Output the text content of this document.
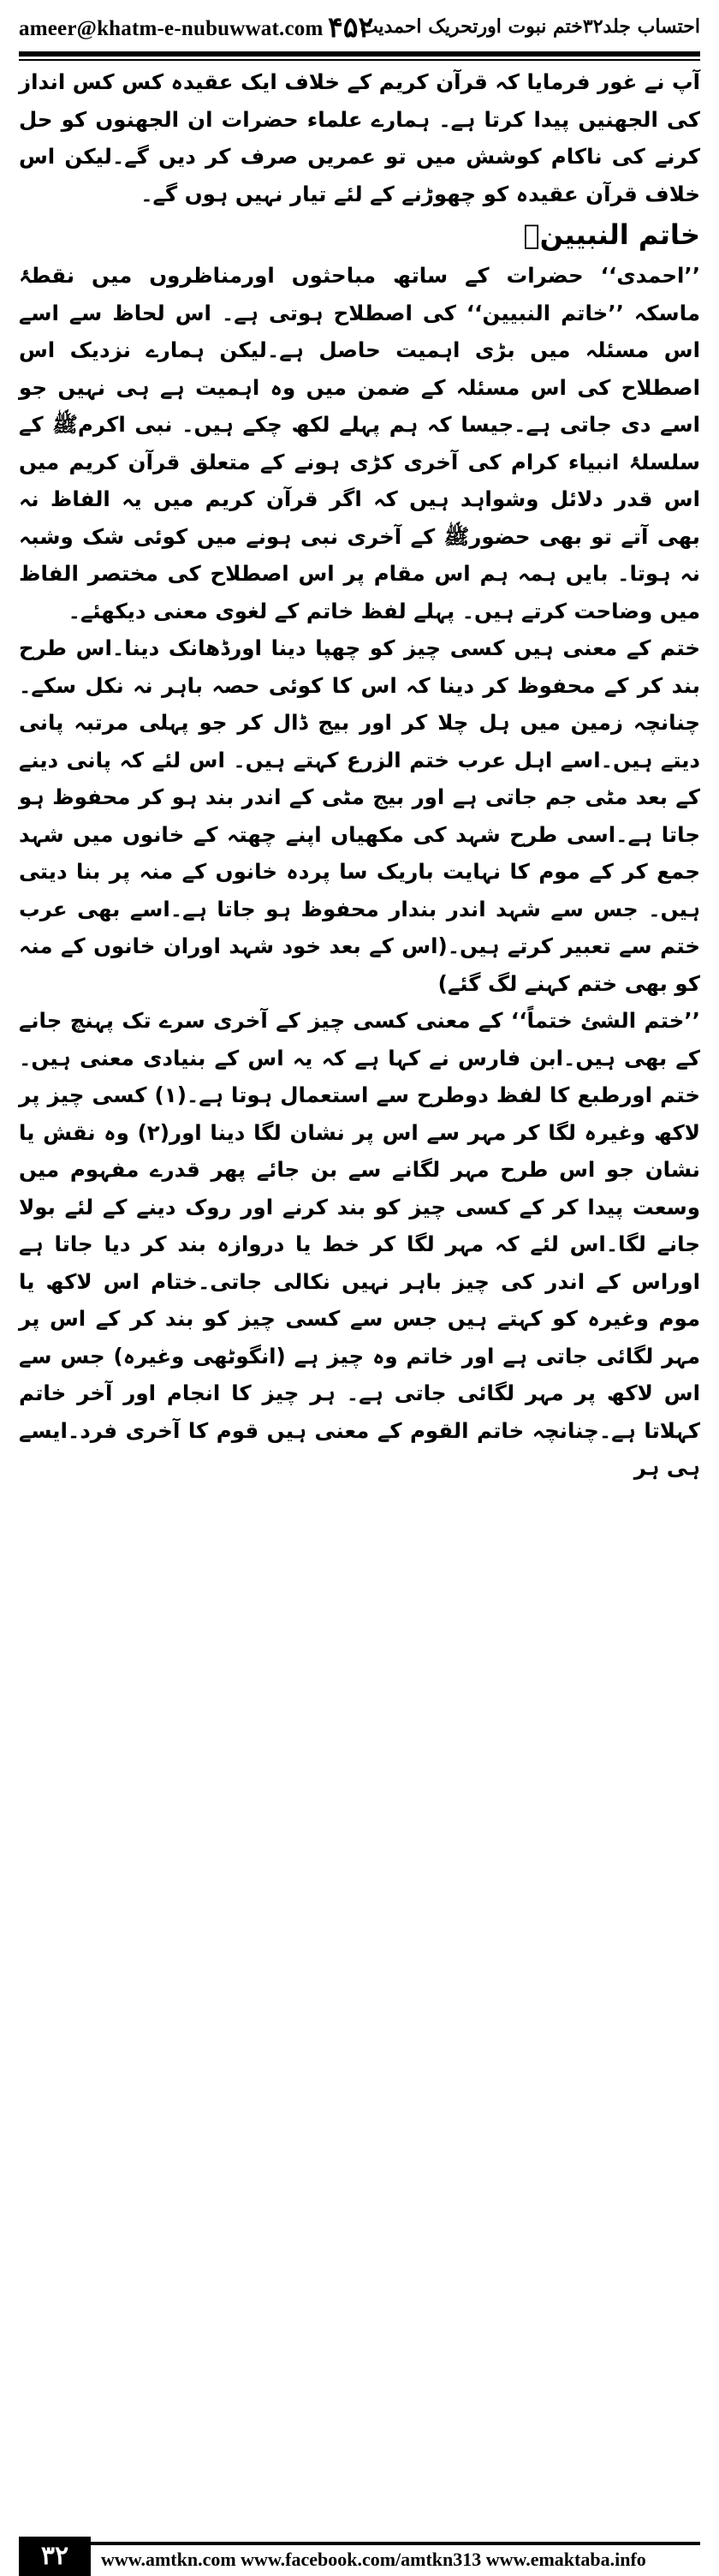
ameer@khatm-e-nubuwwat.com ۴۵۲
احتساب جلد۳۲ختم نبوت اورتحریک احمدیت

آپ نے غور فرمایا کہ قرآن کریم کے خلاف ایک عقیدہ کس کس انداز کی الجھنیں پیدا کرتا ہے۔ ہمارے علماء حضرات ان الجھنوں کو حل کرنے کی ناکام کوشش میں تو عمریں صرف کر دیں گے۔لیکن اس خلاف قرآن عقیدہ کو چھوڑنے کے لئے تیار نہیں ہوں گے۔

خاتم النبیینؐ

’’احمدی‘‘ حضرات کے ساتھ مباحثوں اورمناظروں میں نقطۂ ماسکہ ’’خاتم النبیین‘‘ کی اصطلاح ہوتی ہے۔ اس لحاظ سے اسے اس مسئلہ میں بڑی اہمیت حاصل ہے۔لیکن ہمارے نزدیک اس اصطلاح کی اس مسئلہ کے ضمن میں وہ اہمیت ہے ہی نہیں جو اسے دی جاتی ہے۔جیسا کہ ہم پہلے لکھ چکے ہیں۔ نبی اکرمﷺ کے سلسلۂ انبیاء کرام کی آخری کڑی ہونے کے متعلق قرآن کریم میں اس قدر دلائل وشواہد ہیں کہ اگر قرآن کریم میں یہ الفاظ نہ بھی آتے تو بھی حضورﷺ کے آخری نبی ہونے میں کوئی شک وشبہ نہ ہوتا۔ بایں ہمہ ہم اس مقام پر اس اصطلاح کی مختصر الفاظ میں وضاحت کرتے ہیں۔ پہلے لفظ خاتم کے لغوی معنی دیکھئے۔

ختم کے معنی ہیں کسی چیز کو چھپا دینا اورڈھانک دینا۔اس طرح بند کر کے محفوظ کر دینا کہ اس کا کوئی حصہ باہر نہ نکل سکے۔ چنانچہ زمین میں ہل چلا کر اور بیج ڈال کر جو پہلی مرتبہ پانی دیتے ہیں۔اسے اہل عرب ختم الزرع کہتے ہیں۔ اس لئے کہ پانی دینے کے بعد مٹی جم جاتی ہے اور بیج مٹی کے اندر بند ہو کر محفوظ ہو جاتا ہے۔اسی طرح شہد کی مکھیاں اپنے چھتہ کے خانوں میں شہد جمع کر کے موم کا نہایت باریک سا پردہ خانوں کے منہ پر بنا دیتی ہیں۔ جس سے شہد اندر بندار محفوظ ہو جاتا ہے۔اسے بھی عرب ختم سے تعبیر کرتے ہیں۔(اس کے بعد خود شہد اوران خانوں کے منہ کو بھی ختم کہنے لگ گئے)

’’ختم الشئ ختماً‘‘ کے معنی کسی چیز کے آخری سرے تک پہنچ جانے کے بھی ہیں۔ابن فارس نے کہا ہے کہ یہ اس کے بنیادی معنی ہیں۔ختم اورطبع کا لفظ دوطرح سے استعمال ہوتا ہے۔(۱) کسی چیز پر لاکھ وغیرہ لگا کر مہر سے اس پر نشان لگا دینا اور(۲) وہ نقش یا نشان جو اس طرح مہر لگانے سے بن جائے پھر قدرے مفہوم میں وسعت پیدا کر کے کسی چیز کو بند کرنے اور روک دینے کے لئے بولا جانے لگا۔اس لئے کہ مہر لگا کر خط یا دروازہ بند کر دیا جاتا ہے اوراس کے اندر کی چیز باہر نہیں نکالی جاتی۔ختام اس لاکھ یا موم وغیرہ کو کہتے ہیں جس سے کسی چیز کو بند کر کے اس پر مہر لگائی جاتی ہے اور خاتم وہ چیز ہے (انگوٹھی وغیرہ) جس سے اس لاکھ پر مہر لگائی جاتی ہے۔ ہر چیز کا انجام اور آخر خاتم کہلاتا ہے۔چنانچہ خاتم القوم کے معنی ہیں قوم کا آخری فرد۔ایسے ہی ہر

۳۲	www.amtkn.com www.facebook.com/amtkn313 www.emaktaba.info
